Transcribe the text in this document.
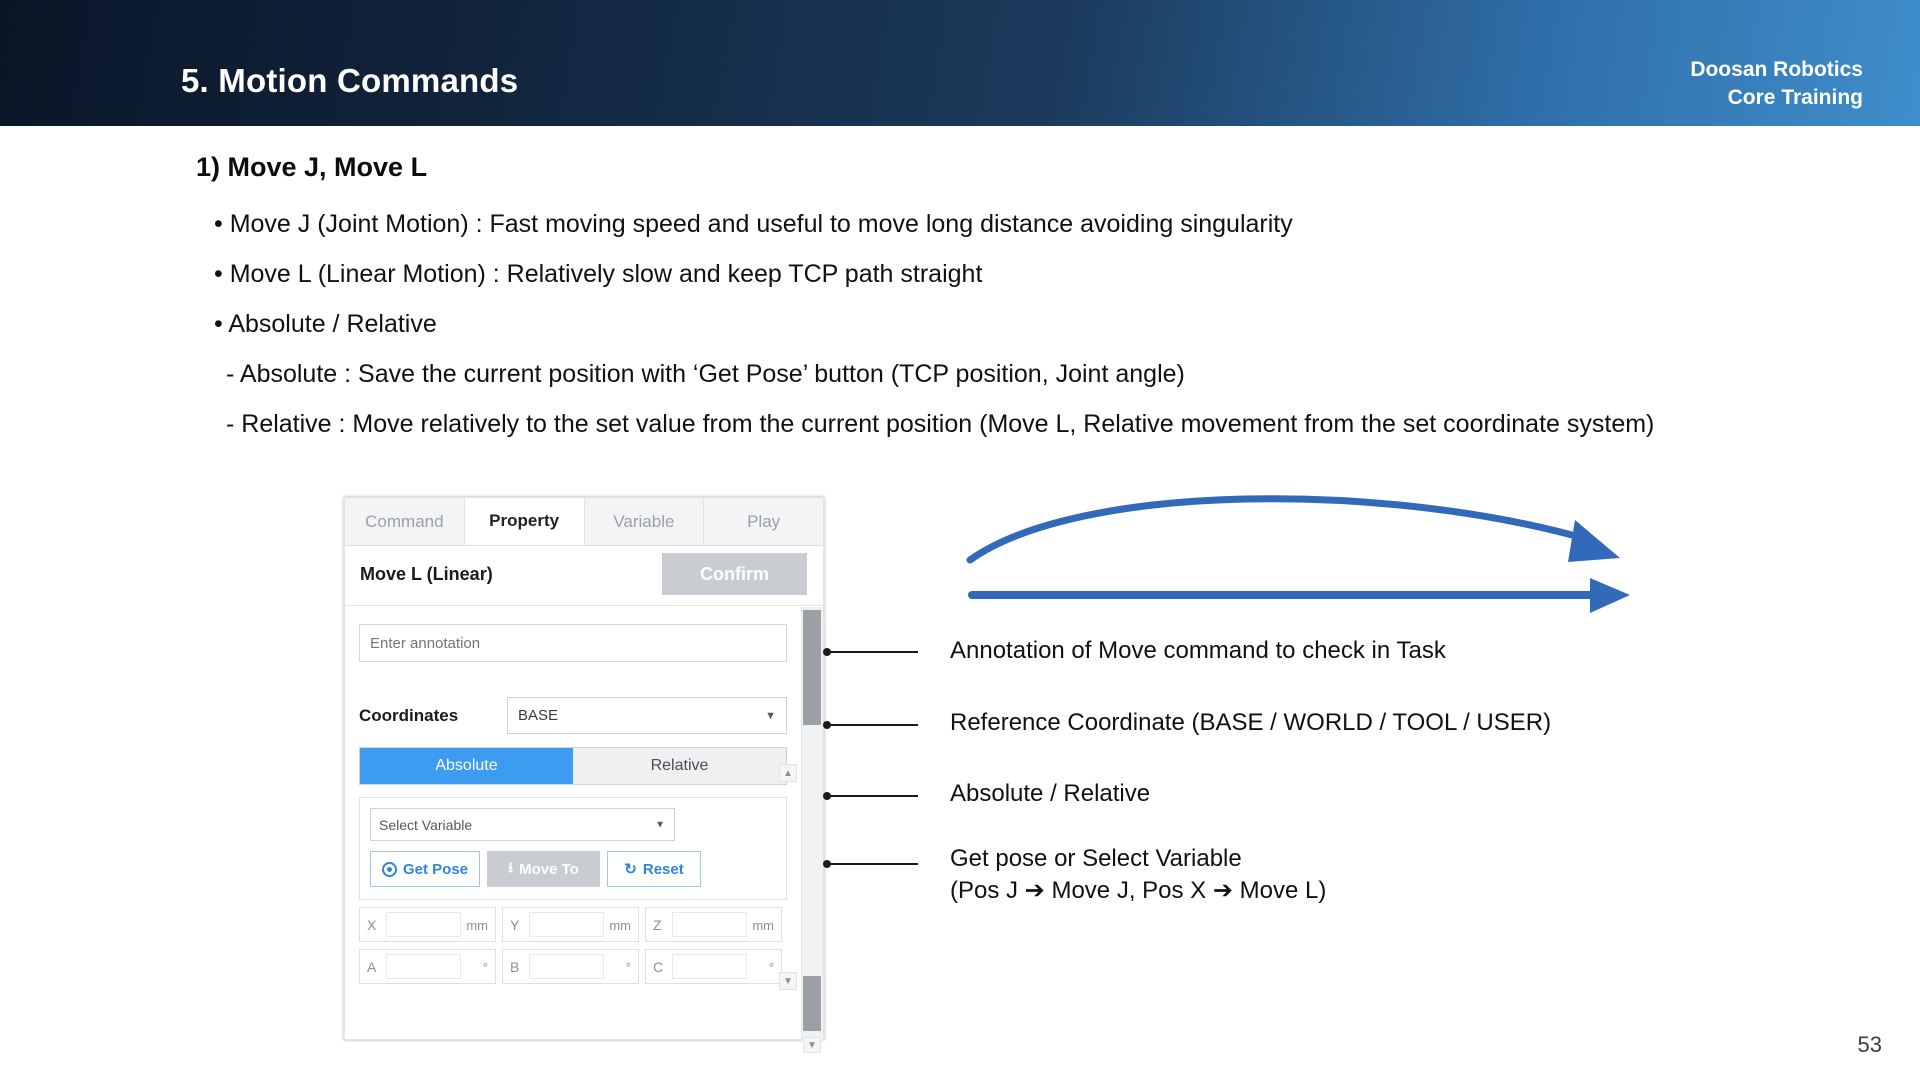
5. Motion Commands	Doosan Robotics
Core Training
1) Move J, Move L
• Move J (Joint Motion) : Fast moving speed and useful to move long distance avoiding singularity
• Move L (Linear Motion) : Relatively slow and keep TCP path straight
• Absolute / Relative
- Absolute : Save the current position with ‘Get Pose’ button (TCP position, Joint angle)
- Relative : Move relatively to the set value from the current position (Move L, Relative movement from the set coordinate system)
Command	Property	Variable	Play
Move L (Linear)	Confirm
Enter annotation
Coordinates	BASE	▼
Absolute	Relative
Select Variable	▼
Get Pose	⭳ Move To	↻ Reset
X	mm Y	mm Z	mm
A	° B	° C	°
▲
▼
▼
Annotation of Move command to check in Task
Reference Coordinate (BASE / WORLD / TOOL / USER)
Absolute / Relative
Get pose or Select Variable
(Pos J ➔ Move J, Pos X ➔ Move L)
53
